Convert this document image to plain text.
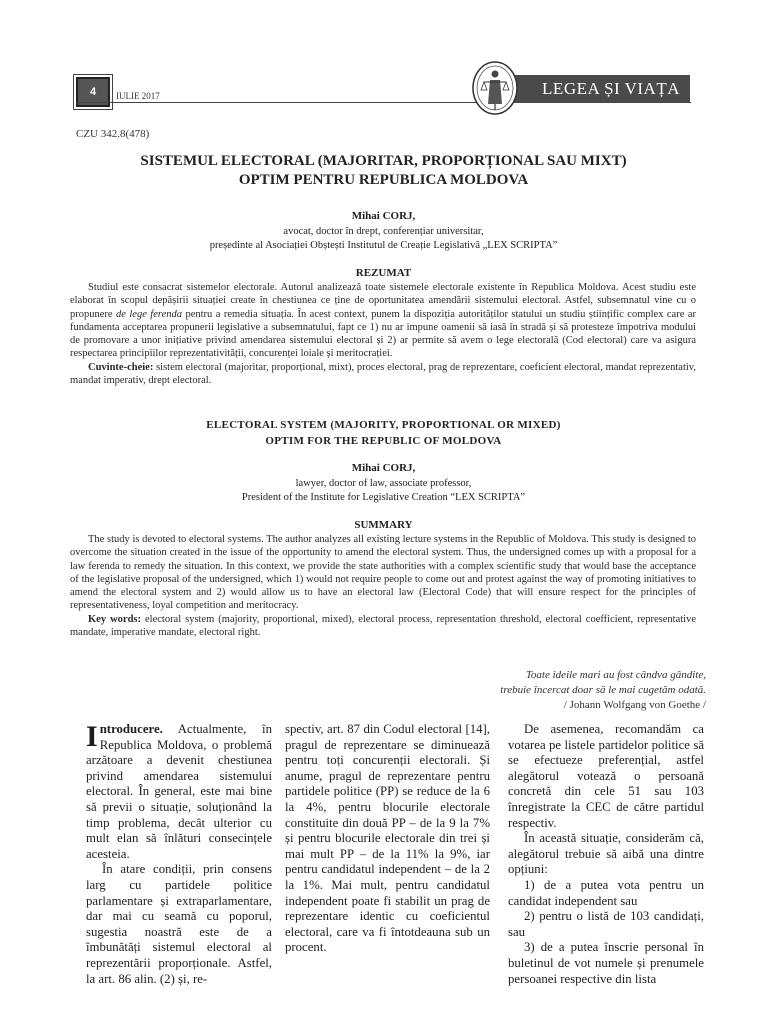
4	IULIE 2017	LEGEA ȘI VIAȚA
CZU 342.8(478)
SISTEMUL ELECTORAL (MAJORITAR, PROPORȚIONAL SAU MIXT)
OPTIM PENTRU REPUBLICA MOLDOVA
Mihai CORJ,
avocat, doctor în drept, conferențiar universitar,
președinte al Asociației Obștești Institutul de Creație Legislativă „LEX SCRIPTA”
REZUMAT

Studiul este consacrat sistemelor electorale. Autorul analizează toate sistemele electorale existente în Republica Moldova. Acest studiu este elaborat în scopul depășirii situației create în chestiunea ce ține de oportunitatea amendării sistemului electoral. Astfel, subsemnatul vine cu o propunere de lege ferenda pentru a remedia situația. În acest context, punem la dispoziția autorităților statului un studiu științific complex care ar fundamenta acceptarea propunerii legislative a subsemnatului, fapt ce 1) nu ar impune oamenii să iasă în stradă și să protesteze împotriva modului de promovare a unor inițiative privind amendarea sistemului electoral și 2) ar permite să avem o lege electorală (Cod electoral) care va asigura respectarea principiilor reprezentativității, concurenței loiale și meritocrației.

Cuvinte-cheie: sistem electoral (majoritar, proporțional, mixt), proces electoral, prag de reprezentare, coeficient electoral, mandat reprezentativ, mandat imperativ, drept electoral.

ELECTORAL SYSTEM (MAJORITY, PROPORTIONAL OR MIXED)
OPTIM FOR THE REPUBLIC OF MOLDOVA
Mihai CORJ,
lawyer, doctor of law, associate professor,
President of the Institute for Legislative Creation “LEX SCRIPTA”
SUMMARY

The study is devoted to electoral systems. The author analyzes all existing lecture systems in the Republic of Moldova. This study is designed to overcome the situation created in the issue of the opportunity to amend the electoral system. Thus, the undersigned comes up with a proposal for a law ferenda to remedy the situation. In this context, we provide the state authorities with a complex scientific study that would base the acceptance of the legislative proposal of the undersigned, which 1) would not require people to come out and protest against the way of promoting initiatives to amend the electoral system and 2) would allow us to have an electoral law (Electoral Code) that will ensure respect for the principles of representativeness, loyal competition and meritocracy.

Key words: electoral system (majority, proportional, mixed), electoral process, representation threshold, electoral coefficient, representative mandate, imperative mandate, electoral right.

Toate ideile mari au fost cândva gândite,
trebuie încercat doar să le mai cugetăm odată.
/ Johann Wolfgang von Goethe /

Introducere. Actualmente, în Republica Moldova, o problemă arzătoare a devenit chestiunea privind amendarea sistemului electoral. În general, este mai bine să previi o situație, soluționând la timp problema, decât ulterior cu mult elan să înlături consecințele acesteia.

În atare condiții, prin consens larg cu partidele politice parlamentare și extraparlamentare, dar mai cu seamă cu poporul, sugestia noastră este de a îmbunătăți sistemul electoral al reprezentării proporționale. Astfel, la art. 86 alin. (2) și, re-

spectiv, art. 87 din Codul electoral [14], pragul de reprezentare se diminuează pentru toți concurenții electorali. Și anume, pragul de reprezentare pentru partidele politice (PP) se reduce de la 6 la 4%, pentru blocurile electorale constituite din două PP – de la 9 la 7% și pentru blocurile electorale din trei și mai mult PP – de la 11% la 9%, iar pentru candidatul independent – de la 2 la 1%. Mai mult, pentru candidatul independent poate fi stabilit un prag de reprezentare identic cu coeficientul electoral, care va fi întotdeauna sub un procent.

De asemenea, recomandăm ca votarea pe listele partidelor politice să se efectueze preferențial, astfel alegătorul votează o persoană concretă din cele 51 sau 103 înregistrate la CEC de către partidul respectiv.

În această situație, considerăm că, alegătorul trebuie să aibă una dintre opțiuni:

1) de a putea vota pentru un candidat independent sau

2) pentru o listă de 103 candidați, sau

3) de a putea înscrie personal în buletinul de vot numele și prenumele persoanei respective din lista
